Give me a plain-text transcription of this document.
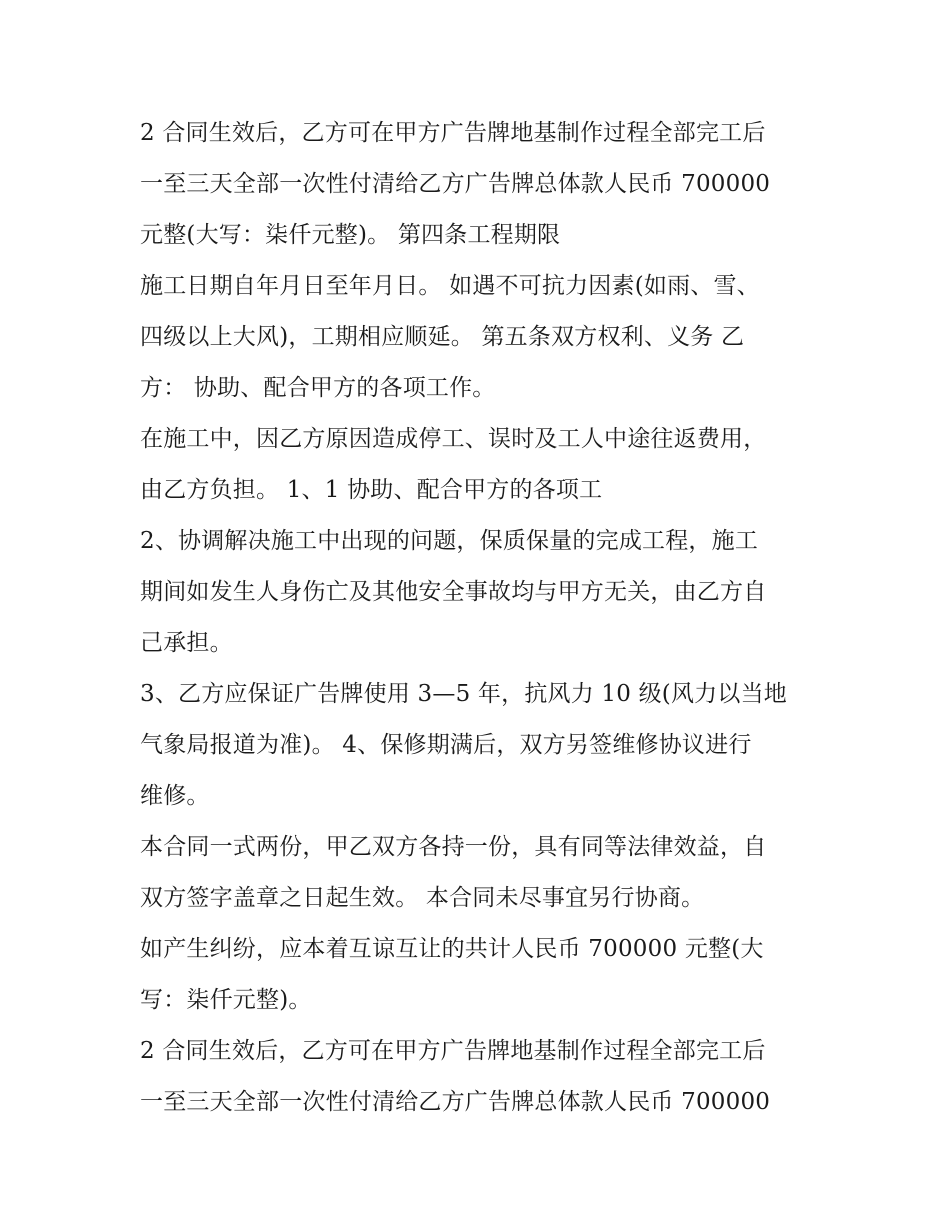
2 合同生效后，乙方可在甲方广告牌地基制作过程全部完工后
一至三天全部一次性付清给乙方广告牌总体款人民币 700000
元整(大写：柒仟元整)。 第四条工程期限

施工日期自年月日至年月日。 如遇不可抗力因素(如雨、雪、
四级以上大风)，工期相应顺延。 第五条双方权利、义务 乙
方： 协助、配合甲方的各项工作。

在施工中，因乙方原因造成停工、误时及工人中途往返费用，
由乙方负担。 1、1 协助、配合甲方的各项工

2、协调解决施工中出现的问题，保质保量的完成工程，施工
期间如发生人身伤亡及其他安全事故均与甲方无关，由乙方自
己承担。

3、乙方应保证广告牌使用 3—5 年，抗风力 10 级(风力以当地
气象局报道为准)。 4、保修期满后，双方另签维修协议进行
维修。

本合同一式两份，甲乙双方各持一份，具有同等法律效益，自
双方签字盖章之日起生效。 本合同未尽事宜另行协商。

如产生纠纷，应本着互谅互让的共计人民币 700000 元整(大
写：柒仟元整)。

2 合同生效后，乙方可在甲方广告牌地基制作过程全部完工后
一至三天全部一次性付清给乙方广告牌总体款人民币 700000
